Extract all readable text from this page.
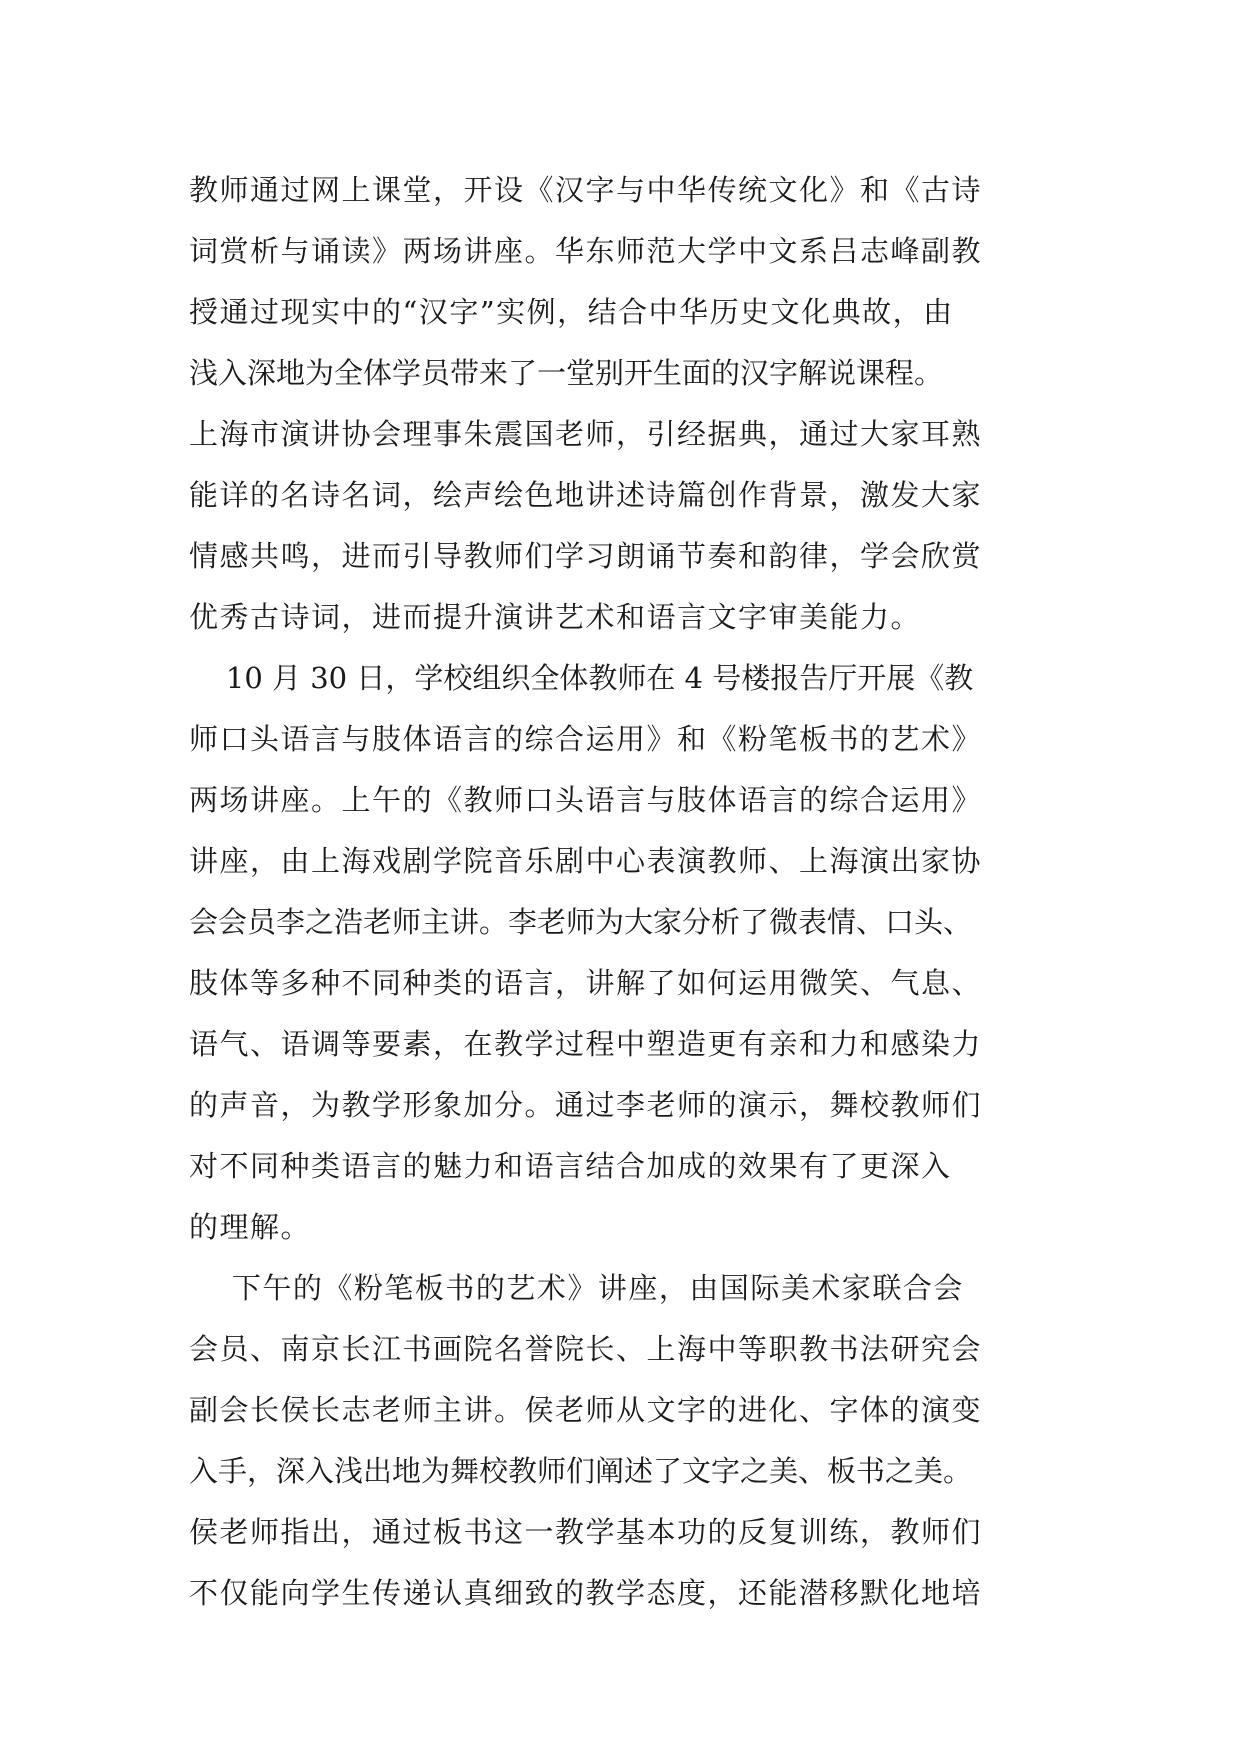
教师通过网上课堂，开设《汉字与中华传统文化》和《古诗
词赏析与诵读》两场讲座。华东师范大学中文系吕志峰副教
授通过现实中的“汉字”实例，结合中华历史文化典故，由
浅入深地为全体学员带来了一堂别开生面的汉字解说课程。
上海市演讲协会理事朱震国老师，引经据典，通过大家耳熟
能详的名诗名词，绘声绘色地讲述诗篇创作背景，激发大家
情感共鸣，进而引导教师们学习朗诵节奏和韵律，学会欣赏
优秀古诗词，进而提升演讲艺术和语言文字审美能力。
10 月 30 日，学校组织全体教师在 4 号楼报告厅开展《教
师口头语言与肢体语言的综合运用》和《粉笔板书的艺术》
两场讲座。上午的《教师口头语言与肢体语言的综合运用》
讲座，由上海戏剧学院音乐剧中心表演教师、上海演出家协
会会员李之浩老师主讲。李老师为大家分析了微表情、口头、
肢体等多种不同种类的语言，讲解了如何运用微笑、气息、
语气、语调等要素，在教学过程中塑造更有亲和力和感染力
的声音，为教学形象加分。通过李老师的演示，舞校教师们
对不同种类语言的魅力和语言结合加成的效果有了更深入
的理解。
下午的《粉笔板书的艺术》讲座，由国际美术家联合会
会员、南京长江书画院名誉院长、上海中等职教书法研究会
副会长侯长志老师主讲。侯老师从文字的进化、字体的演变
入手，深入浅出地为舞校教师们阐述了文字之美、板书之美。
侯老师指出，通过板书这一教学基本功的反复训练，教师们
不仅能向学生传递认真细致的教学态度，还能潜移默化地培
